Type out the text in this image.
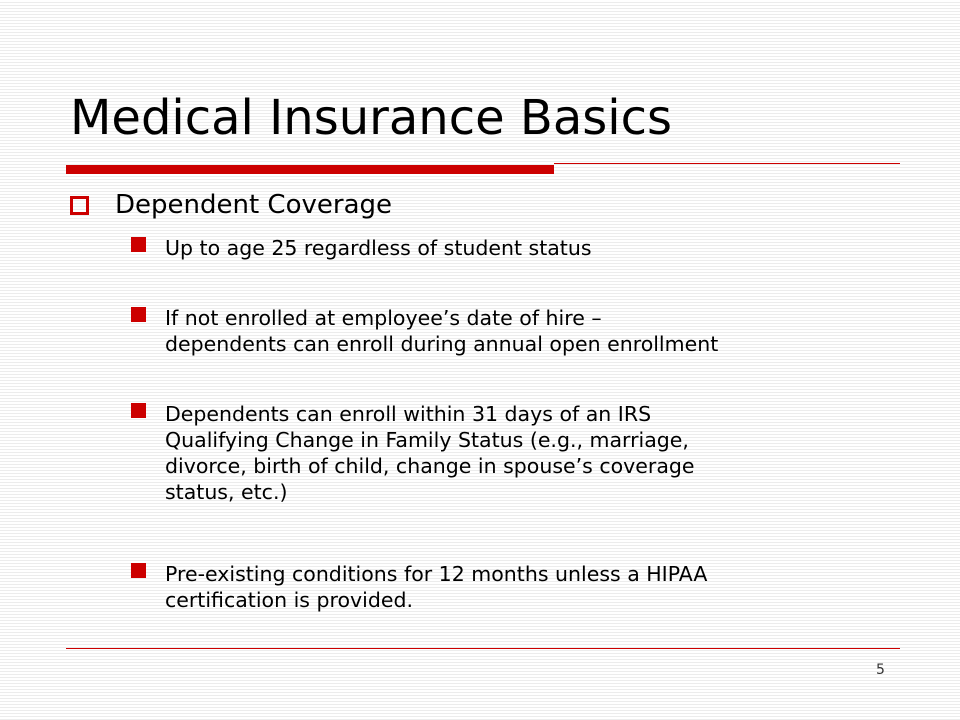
Medical Insurance Basics
Dependent Coverage
Up to age 25 regardless of student status
If not enrolled at employee’s date of hire –
dependents can enroll during annual open enrollment
Dependents can enroll within 31 days of an IRS
Qualifying Change in Family Status (e.g., marriage,
divorce, birth of child, change in spouse’s coverage
status, etc.)
Pre-existing conditions for 12 months unless a HIPAA
certification is provided.
5
